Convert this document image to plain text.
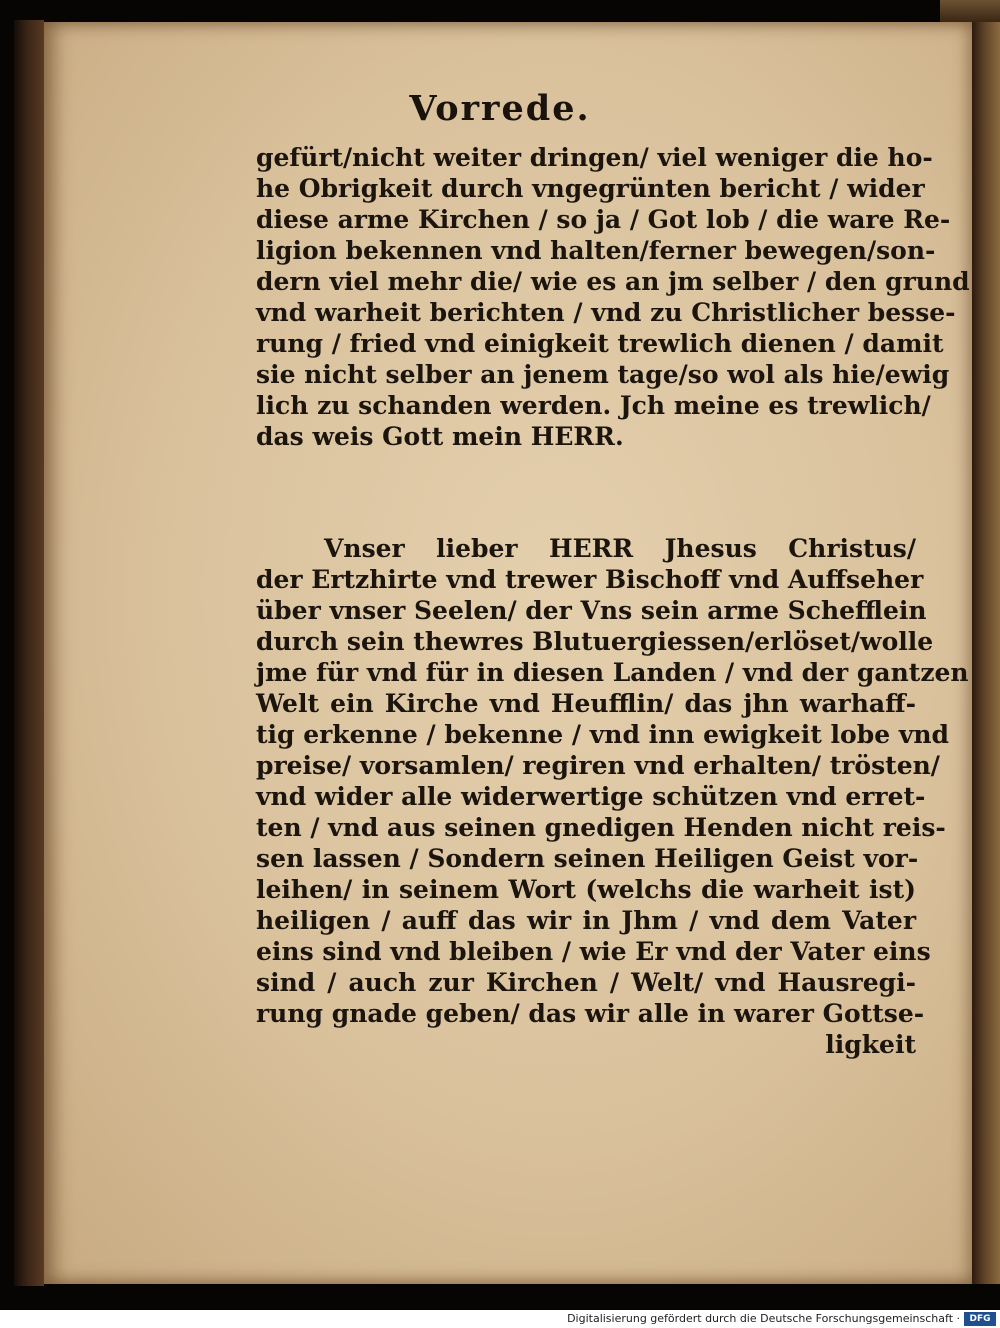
Vorrede.
gefürt/nicht weiter dringen/ viel weniger die ho-
he Obrigkeit durch vngegrünten bericht / wider
diese arme Kirchen / so ja / Got lob / die ware Re-
ligion bekennen vnd halten/ferner bewegen/son-
dern viel mehr die/ wie es an jm selber / den grund
vnd warheit berichten / vnd zu Christlicher besse-
rung / fried vnd einigkeit trewlich dienen / damit
sie nicht selber an jenem tage/so wol als hie/ewig
lich zu schanden werden. Jch meine es trewlich/
das weis Gott mein HERR.
Vnser lieber HERR Jhesus Christus/
der Ertzhirte vnd trewer Bischoff vnd Auffseher
über vnser Seelen/ der Vns sein arme Schefflein
durch sein thewres Blutuergiessen/erlöset/wolle
jme für vnd für in diesen Landen / vnd der gantzen
Welt ein Kirche vnd Heufflin/ das jhn warhaff-
tig erkenne / bekenne / vnd inn ewigkeit lobe vnd
preise/ vorsamlen/ regiren vnd erhalten/ trösten/
vnd wider alle widerwertige schützen vnd erret-
ten / vnd aus seinen gnedigen Henden nicht reis-
sen lassen / Sondern seinen Heiligen Geist vor-
leihen/ in seinem Wort (welchs die warheit ist)
heiligen / auff das wir in Jhm / vnd dem Vater
eins sind vnd bleiben / wie Er vnd der Vater eins
sind / auch zur Kirchen / Welt/ vnd Hausregi-
rung gnade geben/ das wir alle in warer Gottse-
ligkeit
Digitalisierung gefördert durch die Deutsche Forschungsgemeinschaft ·	DFG
